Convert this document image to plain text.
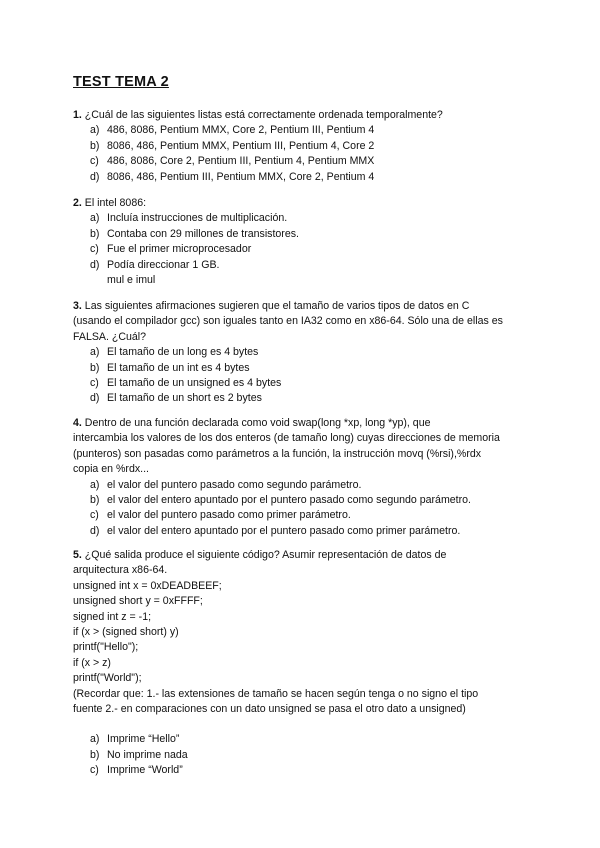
TEST TEMA 2
1. ¿Cuál de las siguientes listas está correctamente ordenada temporalmente?
a) 486, 8086, Pentium MMX, Core 2, Pentium III, Pentium 4
b) 8086, 486, Pentium MMX, Pentium III, Pentium 4, Core 2
c) 486, 8086, Core 2, Pentium III, Pentium 4, Pentium MMX
d) 8086, 486, Pentium III, Pentium MMX, Core 2, Pentium 4
2. El intel 8086:
a) Incluía instrucciones de multiplicación.
b) Contaba con 29 millones de transistores.
c) Fue el primer microprocesador
d) Podía direccionar 1 GB.
mul e imul
3. Las siguientes afirmaciones sugieren que el tamaño de varios tipos de datos en C
(usando el compilador gcc) son iguales tanto en IA32 como en x86-64. Sólo una de ellas es
FALSA. ¿Cuál?
a) El tamaño de un long es 4 bytes
b) El tamaño de un int es 4 bytes
c) El tamaño de un unsigned es 4 bytes
d) El tamaño de un short es 2 bytes
4. Dentro de una función declarada como void swap(long *xp, long *yp), que
intercambia los valores de los dos enteros (de tamaño long) cuyas direcciones de memoria
(punteros) son pasadas como parámetros a la función, la instrucción movq (%rsi),%rdx
copia en %rdx...
a) el valor del puntero pasado como segundo parámetro.
b) el valor del entero apuntado por el puntero pasado como segundo parámetro.
c) el valor del puntero pasado como primer parámetro.
d) el valor del entero apuntado por el puntero pasado como primer parámetro.
5. ¿Qué salida produce el siguiente código? Asumir representación de datos de
arquitectura x86-64.
unsigned int x = 0xDEADBEEF;
unsigned short y = 0xFFFF;
signed int z = -1;
if (x > (signed short) y)
printf("Hello");
if (x > z)
printf("World");
(Recordar que: 1.- las extensiones de tamaño se hacen según tenga o no signo el tipo
fuente 2.- en comparaciones con un dato unsigned se pasa el otro dato a unsigned)
a) Imprime “Hello”
b) No imprime nada
c) Imprime “World”
